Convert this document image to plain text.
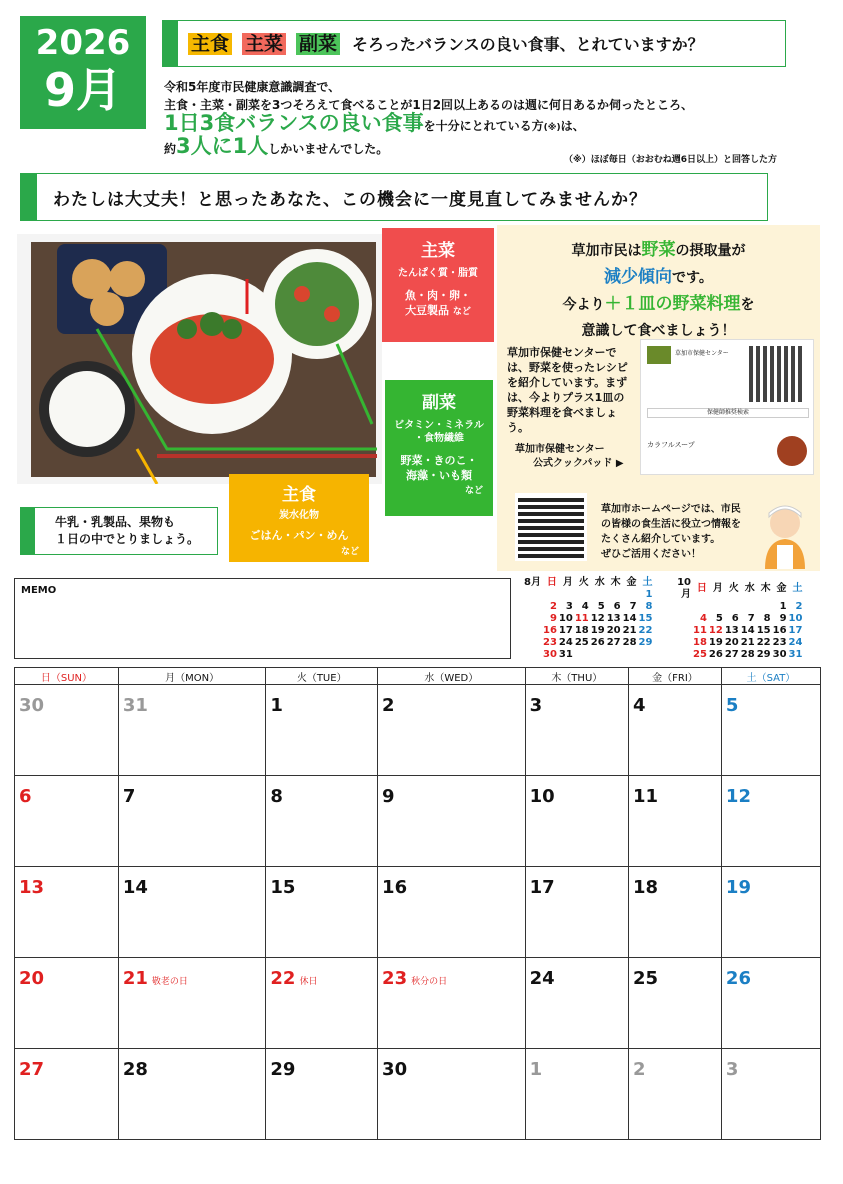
2026
9月
主食 主菜 副菜 そろったバランスの良い食事、とれていますか？
令和5年度市民健康意識調査で、
主食・主菜・副菜を3つそろえて食べることが1日2回以上あるのは週に何日あるか伺ったところ、
1日3食バランスの良い食事を十分にとれている方(※)は、
約3人に1人しかいませんでした。
（※）ほぼ毎日（おおむね週6日以上）と回答した方
わたしは大丈夫！と思ったあなた、この機会に一度見直してみませんか？
主菜
たんぱく質・脂質
魚・肉・卵・
大豆製品 など
副菜
ビタミン・ミネラル
・食物繊維
野菜・きのこ・
海藻・いも類
など
主食
炭水化物
ごはん・パン・めん
など
草加市民は野菜の摂取量が
減少傾向です。
今より＋１皿の野菜料理を
意識して食べましょう！
草加市保健センターでは、野菜を使ったレシピを紹介しています。まずは、今よりプラス1皿の野菜料理を食べましょう。
草加市保健センター
公式クックパッド ▶
草加市保健センター
保健師推奨検索
カラフルスープ
草加市ホームページでは、市民
の皆様の食生活に役立つ情報を
たくさん紹介しています。
ぜひご活用ください！
牛乳・乳製品、果物も
１日の中でとりましょう。
MEMO
8月	日	月	火	水	木	金	土
							1
	2	3	4	5	6	7	8
	9	10	11	12	13	14	15
	16	17	18	19	20	21	22
	23	24	25	26	27	28	29
	30	31					
10月	日	月	火	水	木	金	土
						1	2
	4	5	6	7	8	9	10
	11	12	13	14	15	16	17
	18	19	20	21	22	23	24
	25	26	27	28	29	30	31
日（SUN）	月（MON）	火（TUE）	水（WED）	木（THU）	金（FRI）	土（SAT）
30	31	1	2	3	4	5
6	7	8	9	10	11	12
13	14	15	16	17	18	19
20	21 敬老の日	22 休日	23 秋分の日	24	25	26
27	28	29	30	1	2	3
